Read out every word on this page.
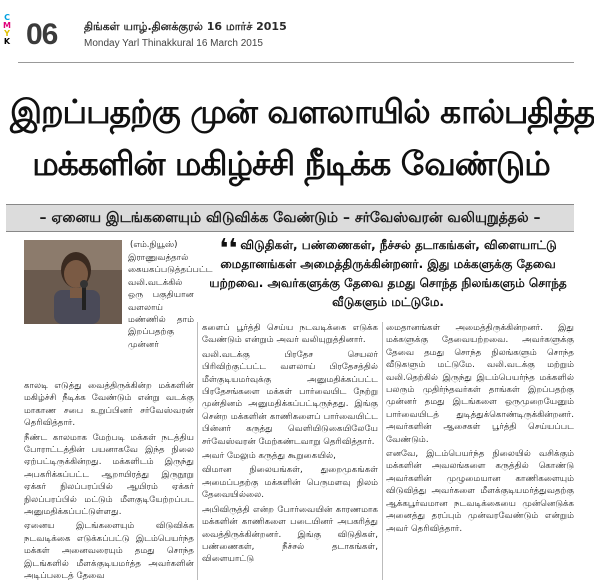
C
M
Y
K 06 திங்கள் யாழ்.தினக்குரல் 16 மார்ச் 2015
Monday Yarl Thinakkural 16 March 2015
இறப்பதற்கு முன் வளலாயில் கால்பதித்த
மக்களின் மகிழ்ச்சி நீடிக்க வேண்டும்
– ஏனைய இடங்களையும் விடுவிக்க வேண்டும் – சர்வேஸ்வரன் வலியுறுத்தல் –
(எம்.நியூஸ்)	❛❛ விடுதிகள், பண்ணைகள், நீச்சல் தடாகங்கள், விளையாட்டு மைதானங்கள் அமைத்திருக்கின்றனர். இது மக்களுக்கு தேவை யற்றவை. அவர்களுக்கு தேவை தமது சொந்த நிலங்களும் சொந்த வீடுகளும் மட்டுமே.

இராணுவத்தால் கையகப்படுத்தப்பட்ட வலி.வடக்கில் ஒரு பகுதியான வளலாய் மண்ணில் தாம் இறப்பதற்கு முன்னர்

காலடி எடுத்து வைத்திருக்கின்ற மக்களின் மகிழ்ச்சி நீடிக்க வேண்டும் என்று வடக்கு மாகாண சபை உறுப்பினர் சர்வேஸ்வரன் தெரிவித்தார்.

நீண்ட காலமாக மேற்படி மக்கள் நடத்திய போராட்டத்தின் பயனாகவே இந்த நிலை ஏற்பட்டிருக்கின்றது. மக்களிடம் இருந்து அபகரிக்கப்பட்ட ஆறாயிரத்து இருநூறு ஏக்கர் நிலப்பரப்பில் ஆயிரம் ஏக்கர் நிலப்பரப்பில் மட்டும் மீளகுடியேற்றப்பட அனுமதிக்கப்பட்டுள்ளது.

ஏனைய இடங்களையும் விடுவிக்க நடவடிக்கை எடுக்கப்பட்டு இடம்பெயர்ந்த மக்கள் அனைவரையும் தமது சொந்த இடங்களில் மீளக்குடியமர்த்த அவர்களின் அடிப்படைத் தேவை

களைப் பூர்த்தி செய்ய நடவடிக்கை எடுக்க வேண்டும் என்றும் அவர் வலியுறுத்தினார்.

வலி.வடக்கு பிரதேச செயலர் பிரிவிற்குட்பட்ட வளலாய் பிரதேசத்தில் மீள்குடியமர்வுக்கு அனுமதிக்கப்பட்ட பிரதேசங்களை மக்கள் பார்வையிட நேற்று முன்தினம் அனுமதிக்கப்பட்டிருந்தது. இங்கு சென்ற மக்களின் காணிகளைப் பார்வையிட்ட பின்னர் கருத்து வெளியிடுகையிலேயே சர்வேஸ்வரன் மேற்கண்டவாறு தெரிவித்தார்.

அவர் மேலும் கருத்து கூறுகையில்,

விமான நிலையங்கள், துறைமுகங்கள் அமைப்பதற்கு மக்களின் பெருமளவு நிலம் தேவையில்லை.

அபிவிருத்தி என்ற போர்வையின் காரணமாக மக்களின் காணிகளை படையினர் அபகரித்து வைத்திருக்கின்றனர். இங்கு விடுதிகள், பண்ணைகள், நீச்சல் தடாகங்கள், விளையாட்டு

மைதானங்கள் அமைத்திருக்கின்றனர். இது மக்களுக்கு தேவையற்றவை. அவர்களுக்கு தேவை தமது சொந்த நிலங்களும் சொந்த வீடுகளும் மட்டுமே. வலி.வடக்கு மற்றும் வலி.தெற்கில் இருந்து இடம்பெயர்ந்த மக்களில் பலரும் முதிர்ந்தவர்கள் தாங்கள் இறப்பதற்கு முன்னர் தமது இடங்களை ஒருமுறையேனும் பார்வையிடத் துடித்துக்கொண்டிருக்கின்றனர். அவர்களின் ஆசைகள் பூர்த்தி செய்யப்பட வேண்டும்.

எனவே, இடம்பெயர்ந்த நிலையில் வசிக்கும் மக்களின் அவலங்களை கருத்தில் கொண்டு அவர்களின் முழுமையான காணிகளையும் விடுவித்து அவர்களை மீளக்குடியமர்த்துவதற்கு ஆக்கபூர்வமான நடவடிக்கையை முன்னெடுக்க அனைத்து தரப்பும் முன்வரவேண்டும் என்றும் அவர் தெரிவித்தார்.
